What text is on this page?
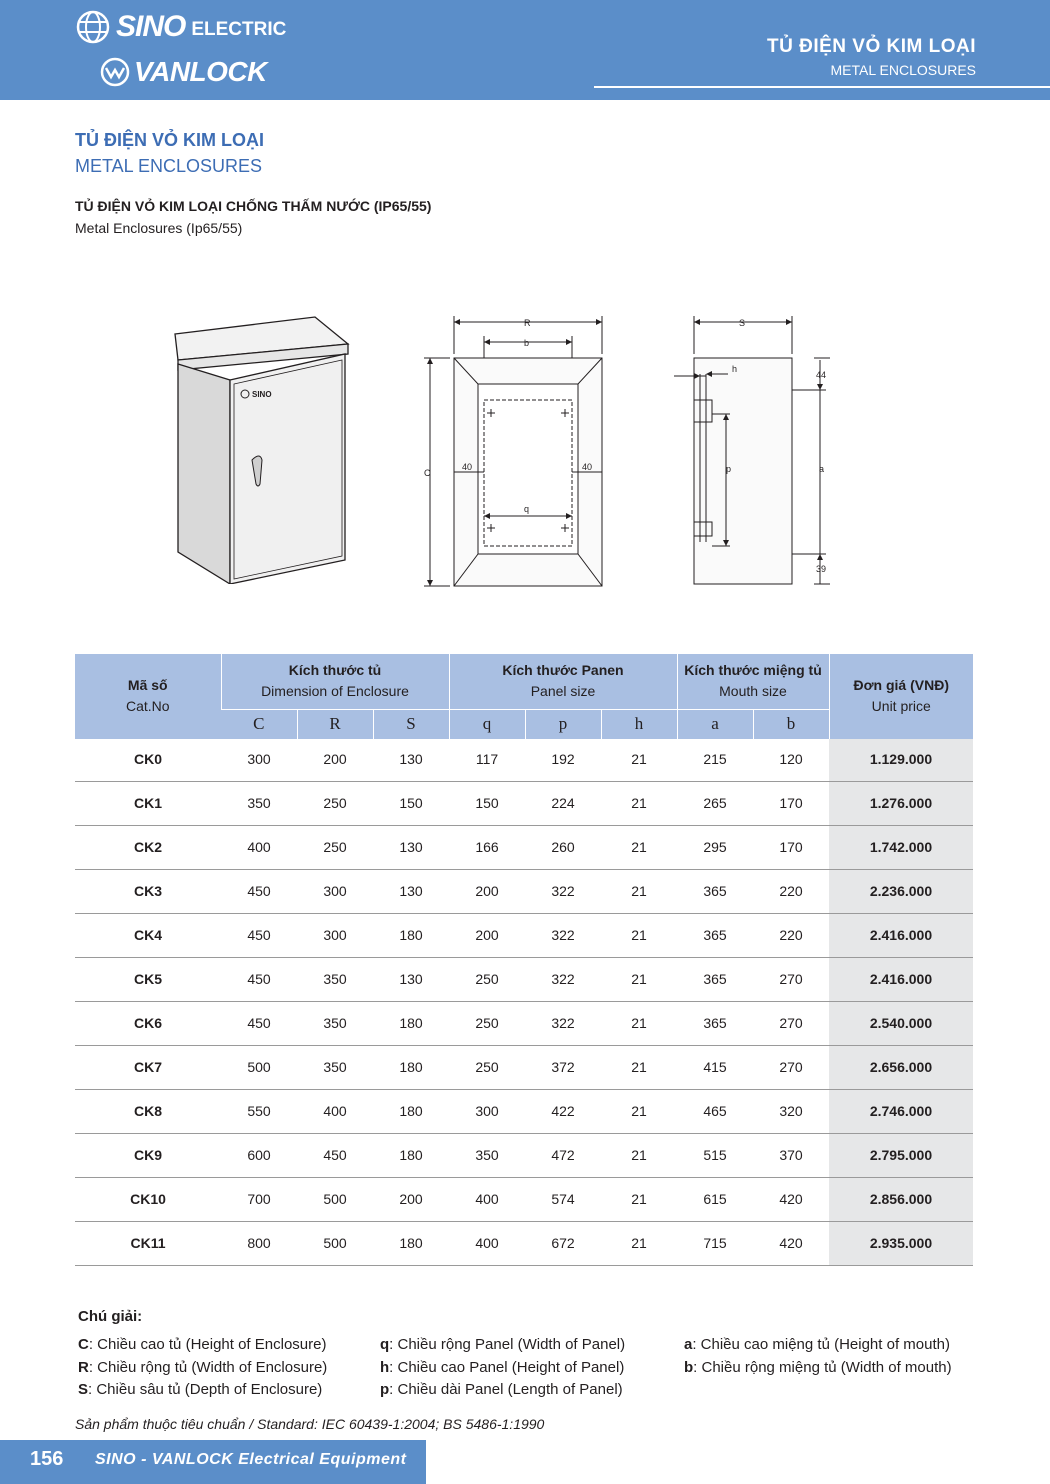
SINO ELECTRIC
VANLOCK
TỦ ĐIỆN VỎ KIM LOẠI
METAL ENCLOSURES
TỦ ĐIỆN VỎ KIM LOẠI
METAL ENCLOSURES
TỦ ĐIỆN VỎ KIM LOẠI CHỐNG THẤM NƯỚC (IP65/55)
Metal Enclosures (Ip65/55)
SINO
R
b
C
40	40
q
S
h
44
p	a
39
Mã số
Cat.No	Kích thước tủ
Dimension of Enclosure			Kích thước Panen
Panel size			Kích thước miệng tủ
Mouth size		Đơn giá (VNĐ)
Unit price
	C	R	S	q	p	h	a	b	
CK0	300	200	130	117	192	21	215	120	1.129.000
CK1	350	250	150	150	224	21	265	170	1.276.000
CK2	400	250	130	166	260	21	295	170	1.742.000
CK3	450	300	130	200	322	21	365	220	2.236.000
CK4	450	300	180	200	322	21	365	220	2.416.000
CK5	450	350	130	250	322	21	365	270	2.416.000
CK6	450	350	180	250	322	21	365	270	2.540.000
CK7	500	350	180	250	372	21	415	270	2.656.000
CK8	550	400	180	300	422	21	465	320	2.746.000
CK9	600	450	180	350	472	21	515	370	2.795.000
CK10	700	500	200	400	574	21	615	420	2.856.000
CK11	800	500	180	400	672	21	715	420	2.935.000
Chú giải:
C: Chiều cao tủ (Height of Enclosure)
R: Chiều rộng tủ (Width of Enclosure)
S: Chiều sâu tủ (Depth of Enclosure)
q: Chiều rộng Panel (Width of Panel)
h: Chiều cao Panel (Height of Panel)
p: Chiều dài Panel (Length of Panel)
a: Chiều cao miệng tủ (Height of mouth)
b: Chiều rộng miệng tủ (Width of mouth)
Sản phẩm thuộc tiêu chuẩn / Standard: IEC 60439-1:2004; BS 5486-1:1990
156 SINO - VANLOCK Electrical Equipment
